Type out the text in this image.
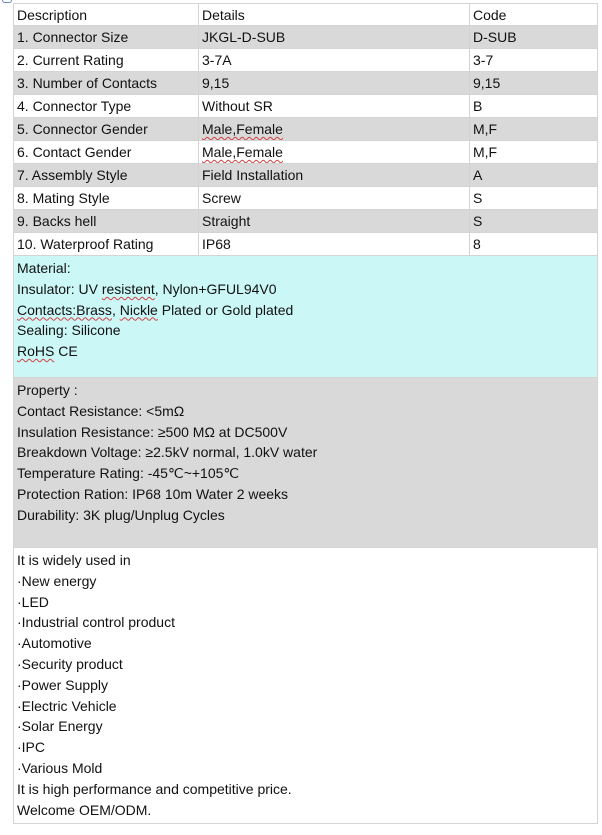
Description	Details	Code
1. Connector Size	JKGL-D-SUB	D-SUB
2. Current Rating	3-7A	3-7
3. Number of Contacts	9,15	9,15
4. Connector Type	Without SR	B
5. Connector Gender	Male,Female	M,F
6. Contact Gender	Male,Female	M,F
7. Assembly Style	Field Installation	A
8. Mating Style	Screw	S
9. Backs hell	Straight	S
10. Waterproof Rating	IP68	8
Material:
Insulator: UV resistent, Nylon+GFUL94V0
Contacts:Brass, Nickle Plated or Gold plated
Sealing: Silicone
RoHS CE
Property :
Contact Resistance: <5mΩ
Insulation Resistance: ≥500 MΩ at DC500V
Breakdown Voltage: ≥2.5kV normal, 1.0kV water
Temperature Rating: -45℃~+105℃
Protection Ration: IP68 10m Water 2 weeks
Durability: 3K plug/Unplug Cycles
It is widely used in
·New energy
·LED
·Industrial control product
·Automotive
·Security product
·Power Supply
·Electric Vehicle
·Solar Energy
·IPC
·Various Mold
It is high performance and competitive price.
Welcome OEM/ODM.
